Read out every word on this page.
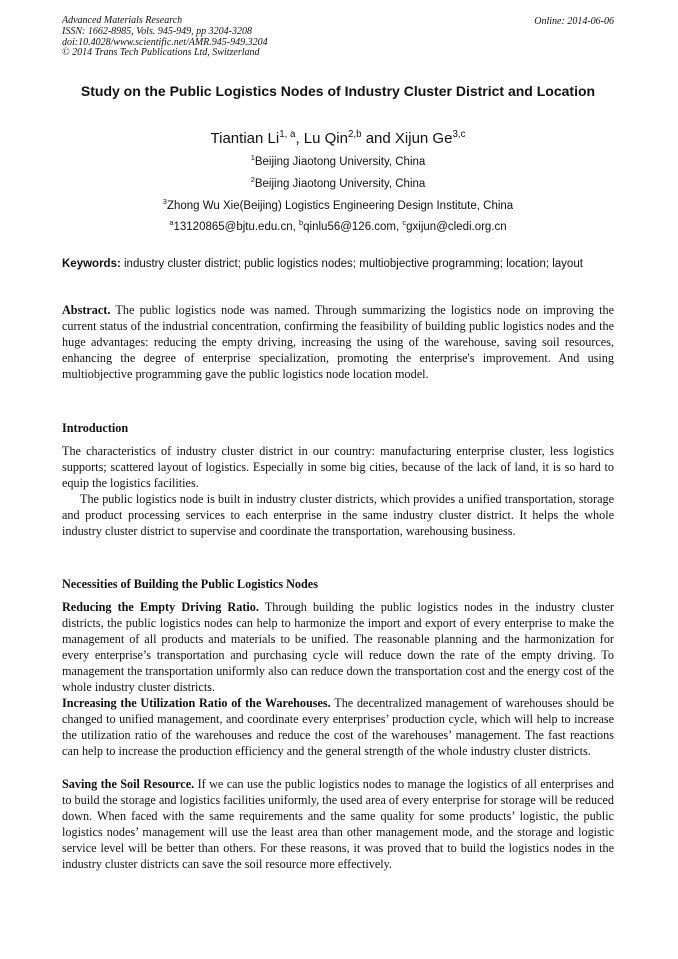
Advanced Materials Research
ISSN: 1662-8985, Vols. 945-949, pp 3204-3208
doi:10.4028/www.scientific.net/AMR.945-949.3204
© 2014 Trans Tech Publications Ltd, Switzerland
Online: 2014-06-06
Study on the Public Logistics Nodes of Industry Cluster District and Location
Tiantian Li$^{1, a}$, Lu Qin$^{2,b}$ and Xijun Ge$^{3,c}$
$^1$Beijing Jiaotong University, China
$^2$Beijing Jiaotong University, China
$^3$Zhong Wu Xie(Beijing) Logistics Engineering Design Institute, China
$^a$13120865@bjtu.edu.cn, $^b$qinlu56@126.com, $^c$gxijun@cledi.org.cn
Keywords: industry cluster district; public logistics nodes; multiobjective programming; location; layout
Abstract. The public logistics node was named. Through summarizing the logistics node on improving the current status of the industrial concentration, confirming the feasibility of building public logistics nodes and the huge advantages: reducing the empty driving, increasing the using of the warehouse, saving soil resources, enhancing the degree of enterprise specialization, promoting the enterprise's improvement. And using multiobjective programming gave the public logistics node location model.
Introduction
The characteristics of industry cluster district in our country: manufacturing enterprise cluster, less logistics supports; scattered layout of logistics. Especially in some big cities, because of the lack of land, it is so hard to equip the logistics facilities.
The public logistics node is built in industry cluster districts, which provides a unified transportation, storage and product processing services to each enterprise in the same industry cluster district. It helps the whole industry cluster district to supervise and coordinate the transportation, warehousing business.
Necessities of Building the Public Logistics Nodes
Reducing the Empty Driving Ratio. Through building the public logistics nodes in the industry cluster districts, the public logistics nodes can help to harmonize the import and export of every enterprise to make the management of all products and materials to be unified. The reasonable planning and the harmonization for every enterprise’s transportation and purchasing cycle will reduce down the rate of the empty driving. To management the transportation uniformly also can reduce down the transportation cost and the energy cost of the whole industry cluster districts.
Increasing the Utilization Ratio of the Warehouses. The decentralized management of warehouses should be changed to unified management, and coordinate every enterprises’ production cycle, which will help to increase the utilization ratio of the warehouses and reduce the cost of the warehouses’ management. The fast reactions can help to increase the production efficiency and the general strength of the whole industry cluster districts.
Saving the Soil Resource. If we can use the public logistics nodes to manage the logistics of all enterprises and to build the storage and logistics facilities uniformly, the used area of every enterprise for storage will be reduced down. When faced with the same requirements and the same quality for some products’ logistic, the public logistics nodes’ management will use the least area than other management mode, and the storage and logistic service level will be better than others. For these reasons, it was proved that to build the logistics nodes in the industry cluster districts can save the soil resource more effectively.
